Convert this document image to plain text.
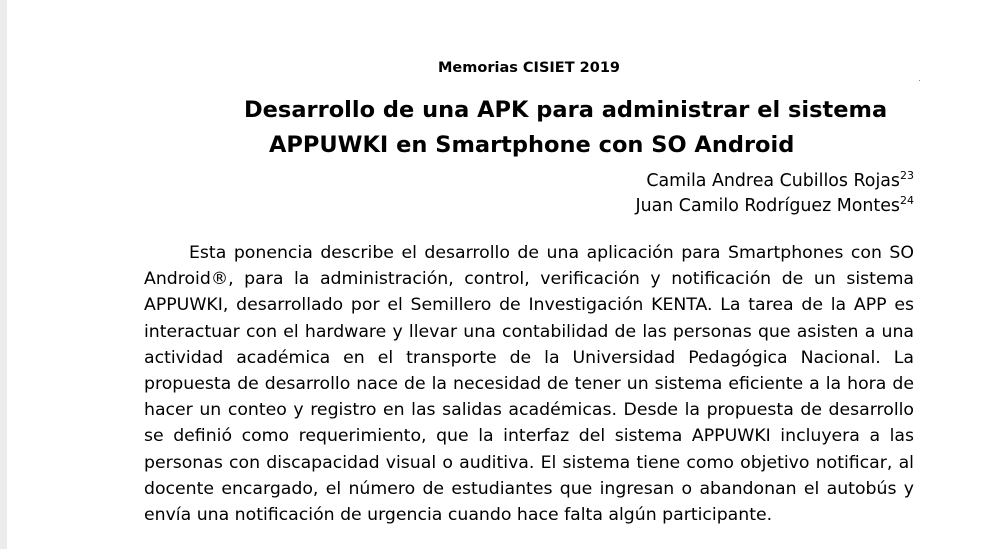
Memorias CISIET 2019
Desarrollo de una APK para administrar el sistema
APPUWKI en Smartphone con SO Android
Camila Andrea Cubillos Rojas$^{23}$
Juan Camilo Rodríguez Montes$^{24}$
Esta ponencia describe el desarrollo de una aplicación para Smartphones con SO
Android®, para la administración, control, verificación y notificación de un sistema
APPUWKI, desarrollado por el Semillero de Investigación KENTA. La tarea de la APP es
interactuar con el hardware y llevar una contabilidad de las personas que asisten a una
actividad académica en el transporte de la Universidad Pedagógica Nacional. La
propuesta de desarrollo nace de la necesidad de tener un sistema eficiente a la hora de
hacer un conteo y registro en las salidas académicas. Desde la propuesta de desarrollo
se definió como requerimiento, que la interfaz del sistema APPUWKI incluyera a las
personas con discapacidad visual o auditiva. El sistema tiene como objetivo notificar, al
docente encargado, el número de estudiantes que ingresan o abandonan el autobús y
envía una notificación de urgencia cuando hace falta algún participante.
